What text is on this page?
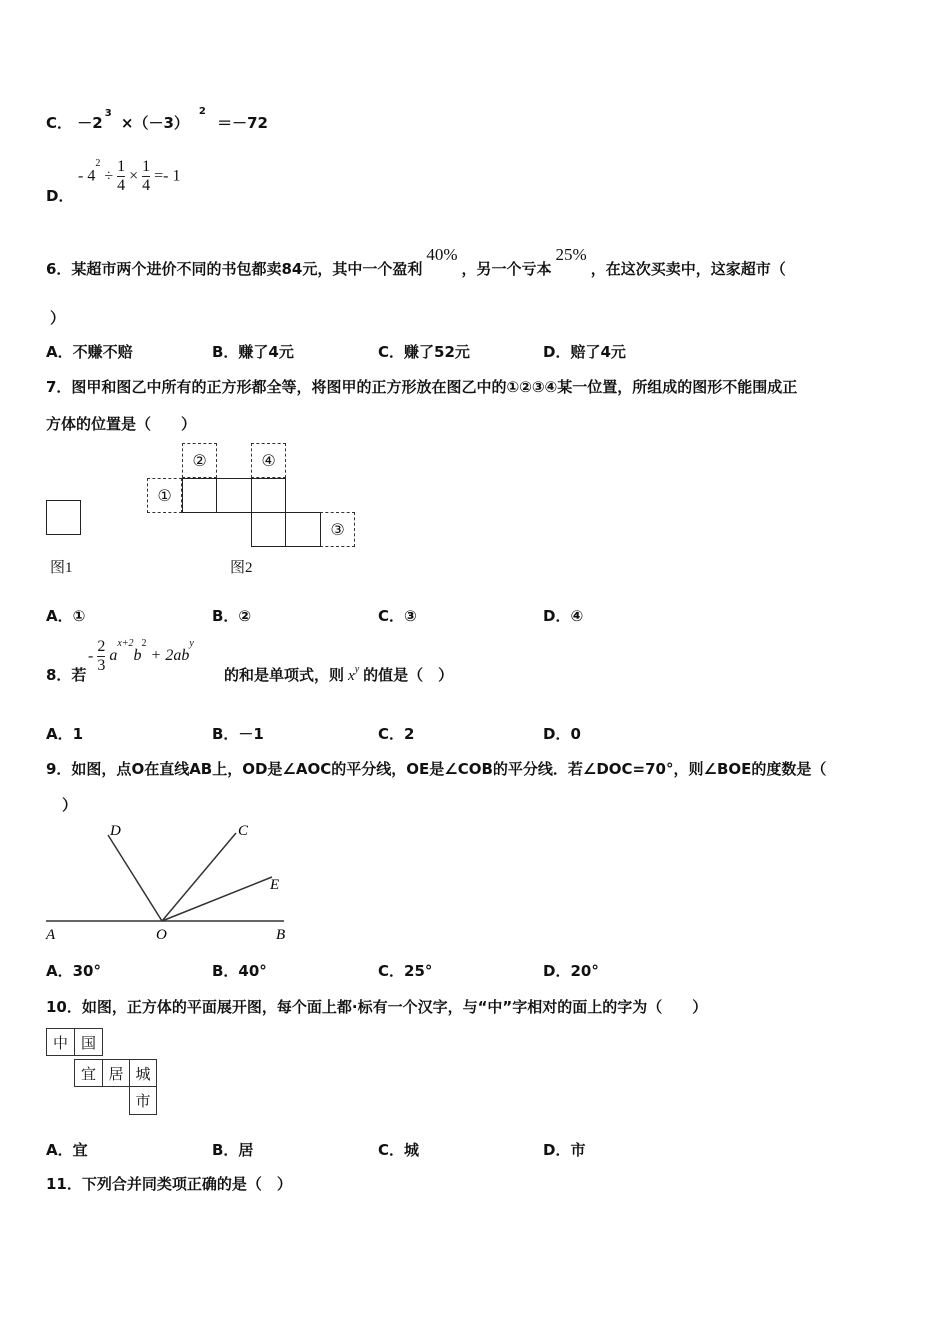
C． $-2^3 \times(-3)^2 =-72$
D．
- $4^2 \div \frac{1}{4} \times \frac{1}{4} =- 1$
6．某超市两个进价不同的书包都卖84元，其中一个盈利40%，另一个亏本25%，在这次买卖中，这家超市（
）
A．不赚不赔	B．赚了4元	C．赚了52元	D．赔了4元
7．图甲和图乙中所有的正方形都全等，将图甲的正方形放在图乙中的①②③④某一位置，所组成的图形不能围成正
方体的位置是（　　）
图1
①
②	④
③
图2
A．①	B．②	C．③	D．④
8．若
- $\frac{2}{3} a^{x+2}b^2 + 2ab^y$
的和是单项式，则 $x^y$ 的值是（　）
A．1	B．－1	C．2	D．0
9．如图，点O在直线AB上，OD是∠AOC的平分线，OE是∠COB的平分线．若∠DOC=70°，则∠BOE的度数是（
）
D	C
E
A	O	B
A．30°	B．40°	C．25°	D．20°
10．如图，正方体的平面展开图，每个面上都·标有一个汉字，与“中”字相对的面上的字为（　　）
中 国
宜 居 城
市
A．宜	B．居	C．城	D．市
11．下列合并同类项正确的是（　）
